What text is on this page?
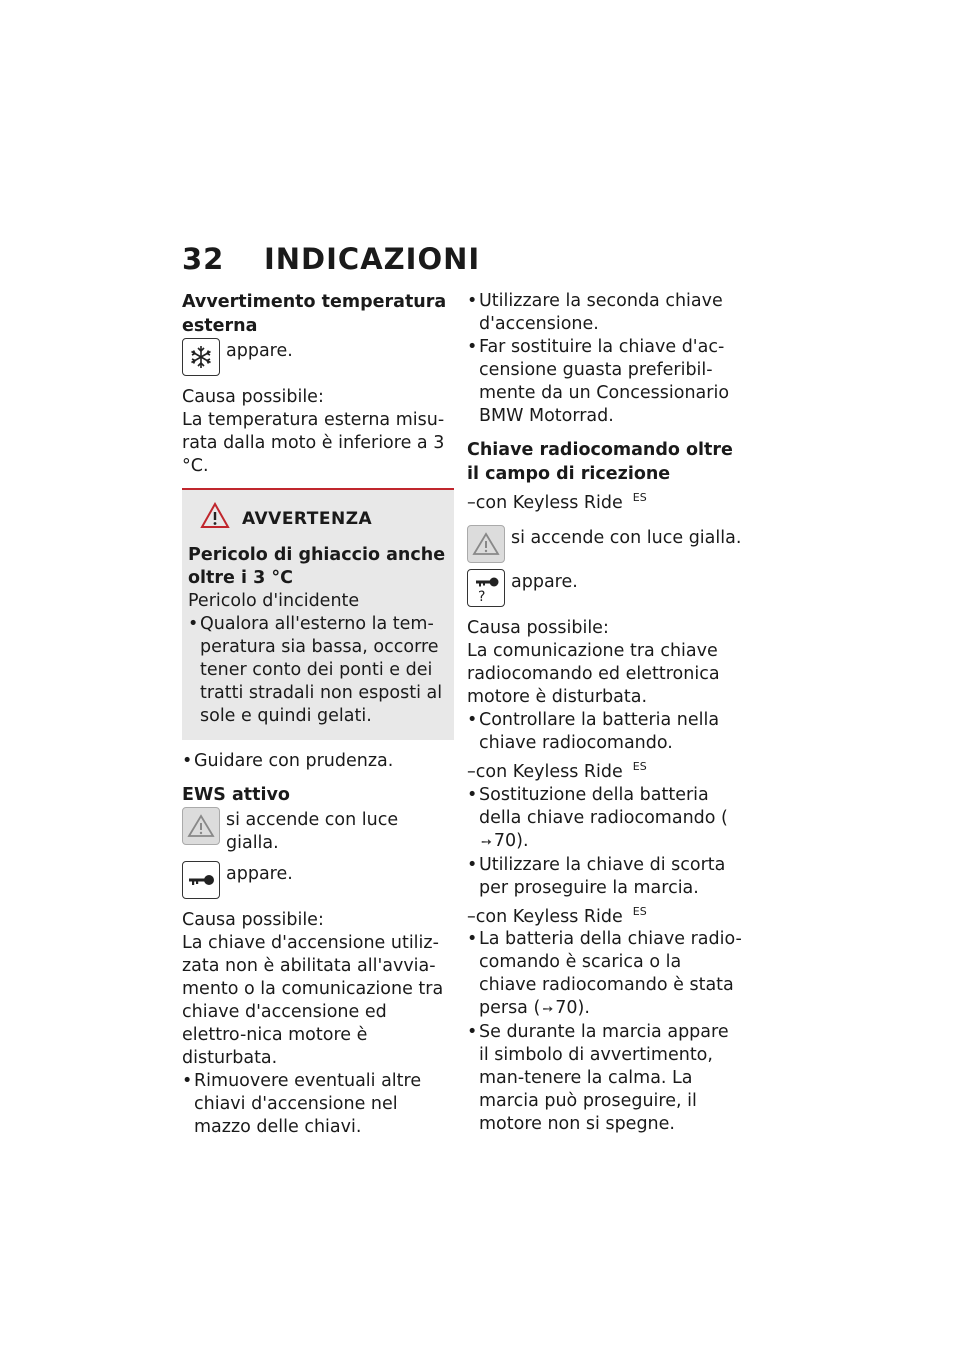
32	INDICAZIONI
Avvertimento temperatura esterna

appare.

Causa possibile:

La temperatura esterna misu-rata dalla moto è inferiore a 3 °C.

AVVERTENZA

Pericolo di ghiaccio anche oltre i 3 °C

Pericolo d'incidente

• Qualora all'esterno la tem-peratura sia bassa, occorre tener conto dei ponti e dei tratti stradali non esposti al sole e quindi gelati.
• Guidare con prudenza.
EWS attivo

si accende con luce gialla.

appare.

Causa possibile:

La chiave d'accensione utiliz-zata non è abilitata all'avvia-mento o la comunicazione tra chiave d'accensione ed elettro-nica motore è disturbata.

• Rimuovere eventuali altre chiavi d'accensione nel mazzo delle chiavi.
• Utilizzare la seconda chiave d'accensione.
• Far sostituire la chiave d'ac-censione guasta preferibil-mente da un Concessionario BMW Motorrad.
Chiave radiocomando oltre il campo di ricezione

–con Keyless Ride $^{ES}$

si accende con luce gialla.

?

appare.

Causa possibile:

La comunicazione tra chiave radiocomando ed elettronica motore è disturbata.

• Controllare la batteria nella chiave radiocomando.

–con Keyless Ride $^{ES}$

• Sostituzione della batteria della chiave radiocomando (➙ 70).
• Utilizzare la chiave di scorta per proseguire la marcia.

–con Keyless Ride $^{ES}$

• La batteria della chiave radio-comando è scarica o la chiave radiocomando è stata persa ( ➙ 70).
• Se durante la marcia appare il simbolo di avvertimento, man-tenere la calma. La marcia può proseguire, il motore non si spegne.
